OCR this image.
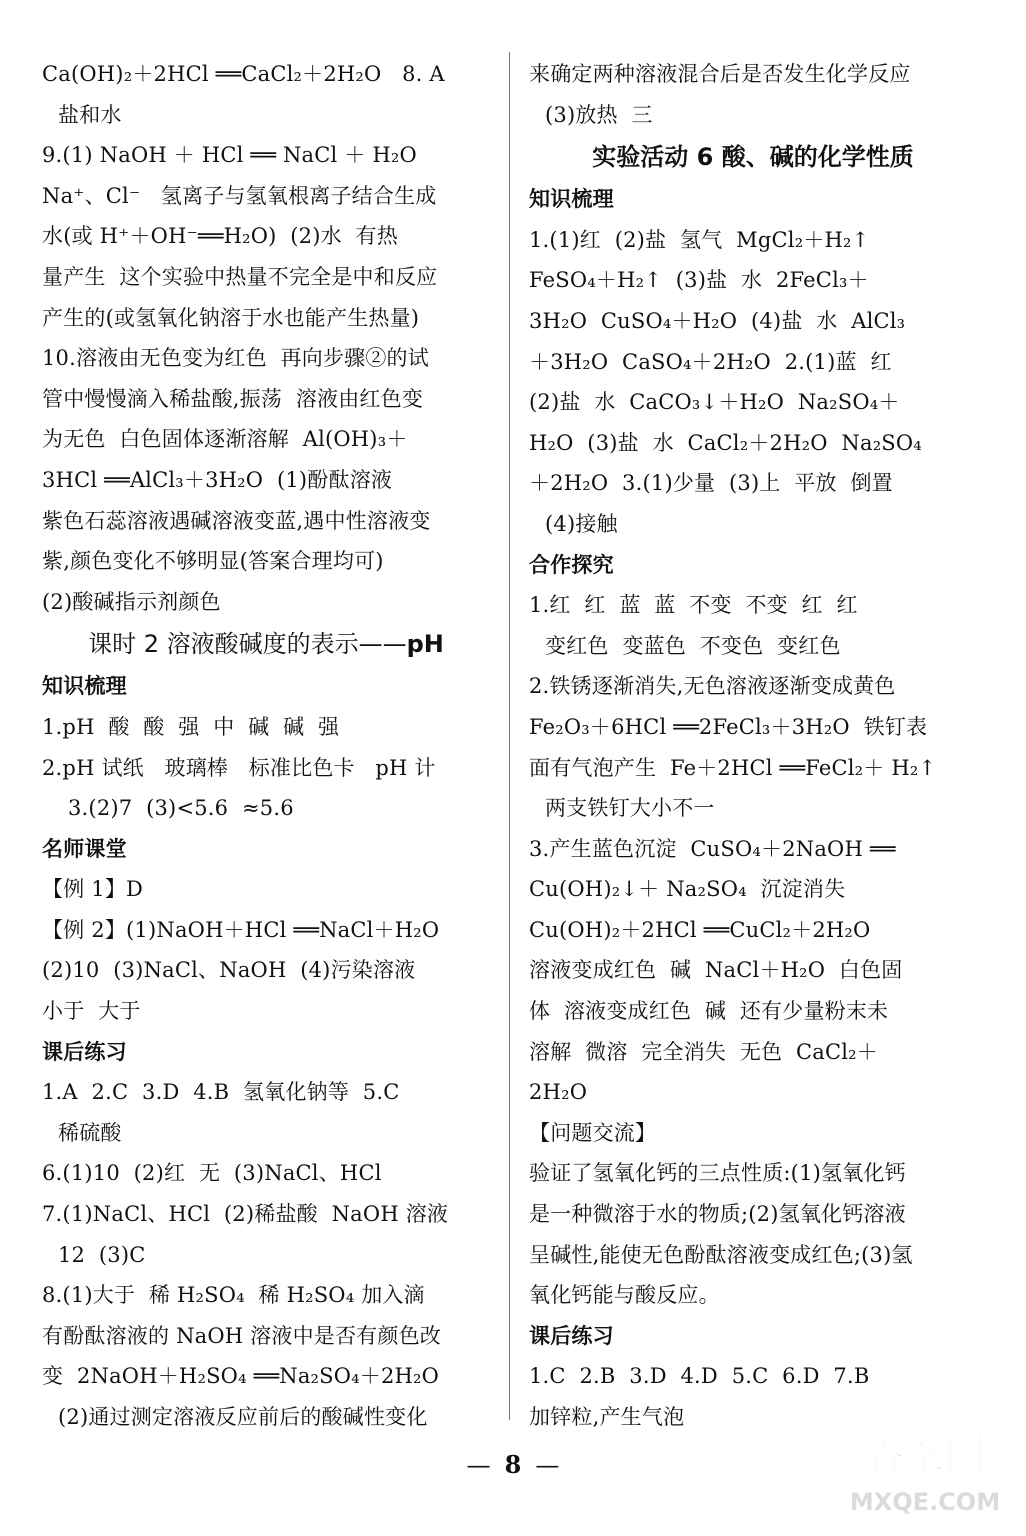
Ca(OH)₂＋2HCl ══CaCl₂＋2H₂O   8. A
盐和水
9.(1) NaOH ＋ HCl ══ NaCl ＋ H₂O
Na⁺、Cl⁻   氢离子与氢氧根离子结合生成
水(或 H⁺＋OH⁻══H₂O)  (2)水  有热
量产生  这个实验中热量不完全是中和反应
产生的(或氢氧化钠溶于水也能产生热量)
10.溶液由无色变为红色  再向步骤②的试
管中慢慢滴入稀盐酸,振荡  溶液由红色变
为无色  白色固体逐渐溶解  Al(OH)₃＋
3HCl ══AlCl₃＋3H₂O  (1)酚酞溶液
紫色石蕊溶液遇碱溶液变蓝,遇中性溶液变
紫,颜色变化不够明显(答案合理均可)
(2)酸碱指示剂颜色
课时 2 溶液酸碱度的表示——pH
知识梳理
1.pH  酸  酸  强  中  碱  碱  强
2.pH 试纸   玻璃棒   标准比色卡   pH 计
3.(2)7  (3)<5.6  ≈5.6
名师课堂
【例 1】D
【例 2】(1)NaOH＋HCl ══NaCl＋H₂O
(2)10  (3)NaCl、NaOH  (4)污染溶液
小于  大于
课后练习
1.A  2.C  3.D  4.B  氢氧化钠等  5.C
稀硫酸
6.(1)10  (2)红  无  (3)NaCl、HCl
7.(1)NaCl、HCl  (2)稀盐酸  NaOH 溶液
12  (3)C
8.(1)大于  稀 H₂SO₄  稀 H₂SO₄ 加入滴
有酚酞溶液的 NaOH 溶液中是否有颜色改
变  2NaOH＋H₂SO₄ ══Na₂SO₄＋2H₂O
(2)通过测定溶液反应前后的酸碱性变化
来确定两种溶液混合后是否发生化学反应
(3)放热  三
实验活动 6 酸、碱的化学性质
知识梳理
1.(1)红  (2)盐  氢气  MgCl₂＋H₂↑
FeSO₄＋H₂↑  (3)盐  水  2FeCl₃＋
3H₂O  CuSO₄＋H₂O  (4)盐  水  AlCl₃
＋3H₂O  CaSO₄＋2H₂O  2.(1)蓝  红
(2)盐  水  CaCO₃↓＋H₂O  Na₂SO₄＋
H₂O  (3)盐  水  CaCl₂＋2H₂O  Na₂SO₄
＋2H₂O  3.(1)少量  (3)上  平放  倒置
(4)接触
合作探究
1.红  红  蓝  蓝  不变  不变  红  红
变红色  变蓝色  不变色  变红色
2.铁锈逐渐消失,无色溶液逐渐变成黄色
Fe₂O₃＋6HCl ══2FeCl₃＋3H₂O  铁钉表
面有气泡产生  Fe＋2HCl ══FeCl₂＋ H₂↑
两支铁钉大小不一
3.产生蓝色沉淀  CuSO₄＋2NaOH ══
Cu(OH)₂↓＋ Na₂SO₄  沉淀消失
Cu(OH)₂＋2HCl ══CuCl₂＋2H₂O
溶液变成红色  碱  NaCl＋H₂O  白色固
体  溶液变成红色  碱  还有少量粉末未
溶解  微溶  完全消失  无色  CaCl₂＋
2H₂O
【问题交流】
验证了氢氧化钙的三点性质:(1)氢氧化钙
是一种微溶于水的物质;(2)氢氧化钙溶液
呈碱性,能使无色酚酞溶液变成红色;(3)氢
氧化钙能与酸反应。
课后练习
1.C  2.B  3.D  4.D  5.C  6.D  7.B
加锌粒,产生气泡
— 8 —	答案圈
MXQE.COM
